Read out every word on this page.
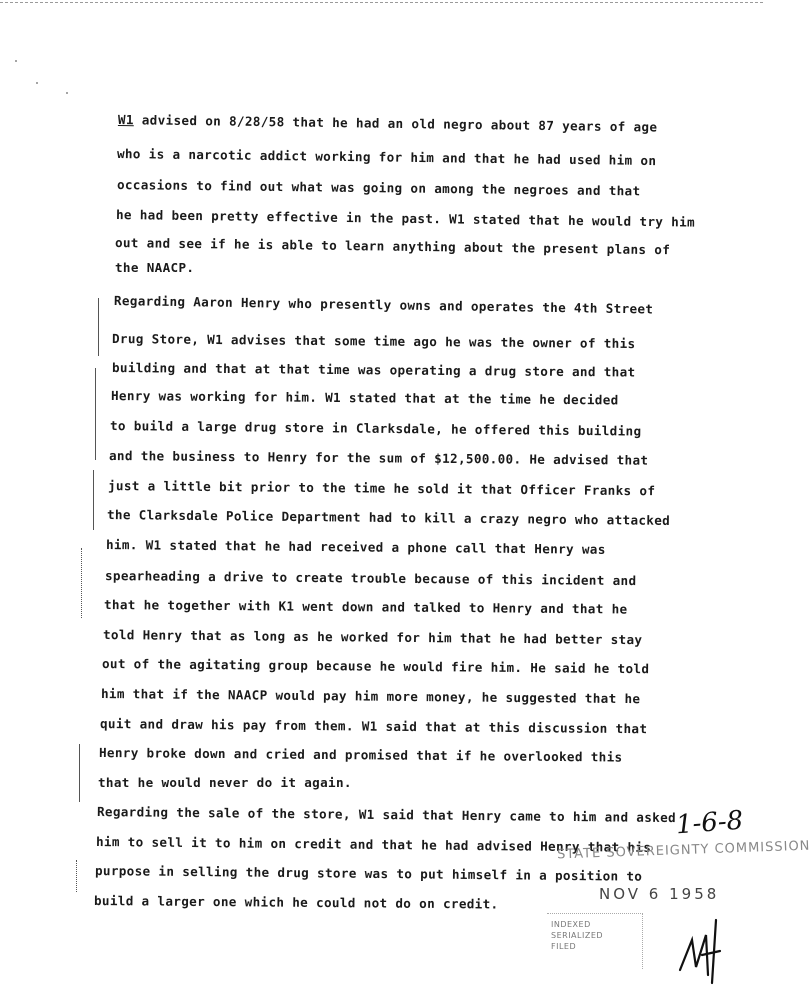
W1 advised on 8/28/58 that he had an old negro about 87 years of age
who is a narcotic addict working for him and that he had used him on
occasions to find out what was going on among the negroes and that
he had been pretty effective in the past. W1 stated that he would try him
out and see if he is able to learn anything about the present plans of
the NAACP.
Regarding Aaron Henry who presently owns and operates the 4th Street
Drug Store, W1 advises that some time ago he was the owner of this
building and that at that time was operating a drug store and that
Henry was working for him. W1 stated that at the time he decided
to build a large drug store in Clarksdale, he offered this building
and the business to Henry for the sum of $12,500.00. He advised that
just a little bit prior to the time he sold it that Officer Franks of
the Clarksdale Police Department had to kill a crazy negro who attacked
him. W1 stated that he had received a phone call that Henry was
spearheading a drive to create trouble because of this incident and
that he together with K1 went down and talked to Henry and that he
told Henry that as long as he worked for him that he had better stay
out of the agitating group because he would fire him. He said he told
him that if the NAACP would pay him more money, he suggested that he
quit and draw his pay from them. W1 said that at this discussion that
Henry broke down and cried and promised that if he overlooked this
that he would never do it again.
Regarding the sale of the store, W1 said that Henry came to him and asked
him to sell it to him on credit and that he had advised Henry that his
purpose in selling the drug store was to put himself in a position to
build a larger one which he could not do on credit.
1-6-8
STATE SOVEREIGNTY COMMISSION
NOV 6 1958
INDEXED
SERIALIZED
FILED
